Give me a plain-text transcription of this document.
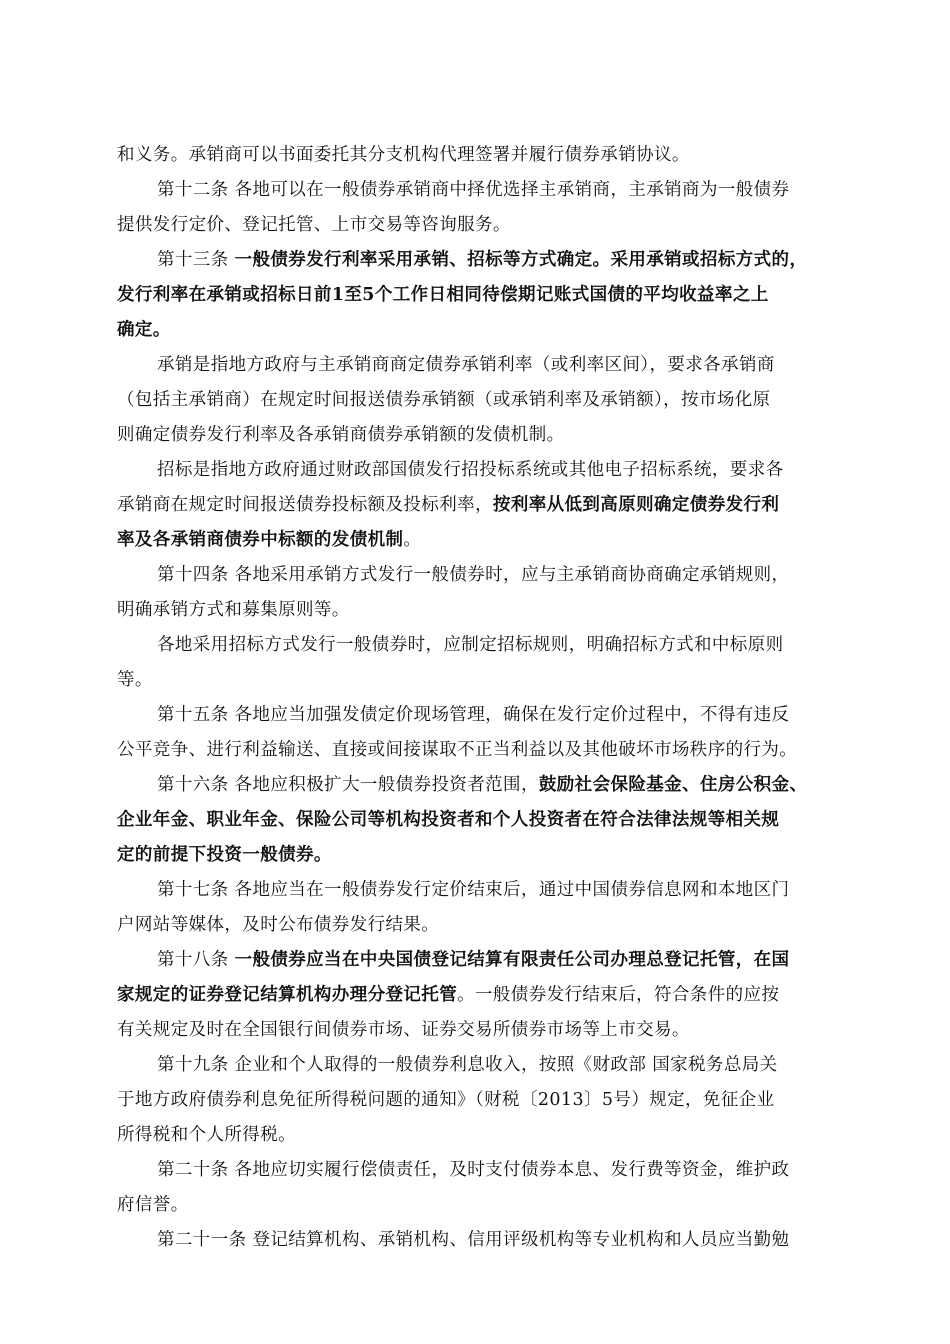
和义务。承销商可以书面委托其分支机构代理签署并履行债券承销协议。
第十二条 各地可以在一般债券承销商中择优选择主承销商，主承销商为一般债券
提供发行定价、登记托管、上市交易等咨询服务。
第十三条 一般债券发行利率采用承销、招标等方式确定。采用承销或招标方式的，
发行利率在承销或招标日前1至5个工作日相同待偿期记账式国债的平均收益率之上
确定。
承销是指地方政府与主承销商商定债券承销利率（或利率区间），要求各承销商
（包括主承销商）在规定时间报送债券承销额（或承销利率及承销额），按市场化原
则确定债券发行利率及各承销商债券承销额的发债机制。
招标是指地方政府通过财政部国债发行招投标系统或其他电子招标系统，要求各
承销商在规定时间报送债券投标额及投标利率，按利率从低到高原则确定债券发行利
率及各承销商债券中标额的发债机制。
第十四条 各地采用承销方式发行一般债券时，应与主承销商协商确定承销规则，
明确承销方式和募集原则等。
各地采用招标方式发行一般债券时，应制定招标规则，明确招标方式和中标原则
等。
第十五条 各地应当加强发债定价现场管理，确保在发行定价过程中，不得有违反
公平竞争、进行利益输送、直接或间接谋取不正当利益以及其他破坏市场秩序的行为。
第十六条 各地应积极扩大一般债券投资者范围，鼓励社会保险基金、住房公积金、
企业年金、职业年金、保险公司等机构投资者和个人投资者在符合法律法规等相关规
定的前提下投资一般债券。
第十七条 各地应当在一般债券发行定价结束后，通过中国债券信息网和本地区门
户网站等媒体，及时公布债券发行结果。
第十八条 一般债券应当在中央国债登记结算有限责任公司办理总登记托管，在国
家规定的证券登记结算机构办理分登记托管。一般债券发行结束后，符合条件的应按
有关规定及时在全国银行间债券市场、证券交易所债券市场等上市交易。
第十九条 企业和个人取得的一般债券利息收入，按照《财政部 国家税务总局关
于地方政府债券利息免征所得税问题的通知》（财税〔2013〕5号）规定，免征企业
所得税和个人所得税。
第二十条 各地应切实履行偿债责任，及时支付债券本息、发行费等资金，维护政
府信誉。
第二十一条 登记结算机构、承销机构、信用评级机构等专业机构和人员应当勤勉
